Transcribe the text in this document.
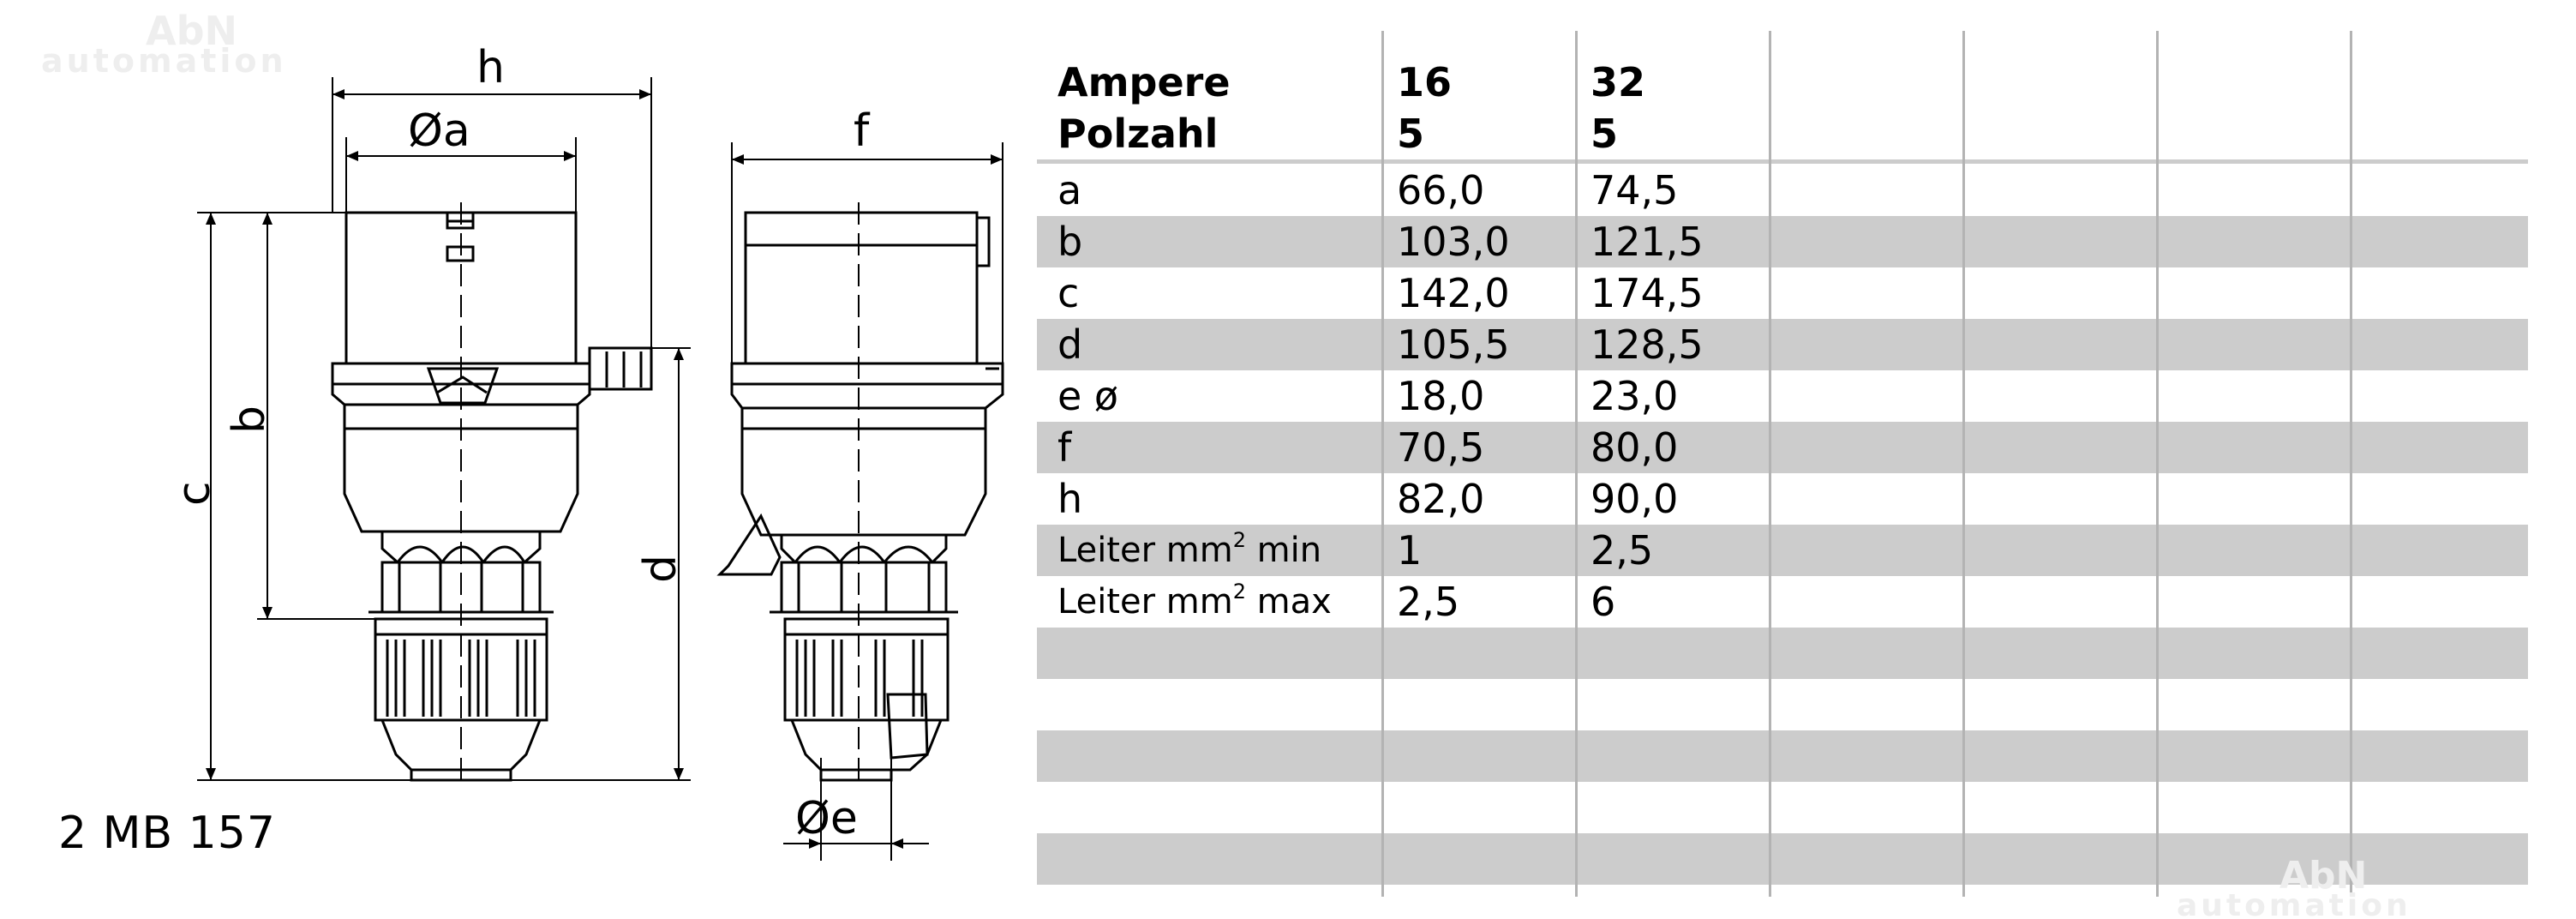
AbN
automation	h
Øa	f
Øe
c
b
d
2 MB 157
a	66,0	74,5
b	103,0 121,5
c	142,0 174,5
d	105,5 128,5
e ø	18,0	23,0
f	70,5	80,0
h	82,0	90,0
Leiter $mm^2$ min 1	2,5
Leiter $mm^2$ max 2,5	6
Ampere	16	32
Polzahl	5	5
AbN
automation
